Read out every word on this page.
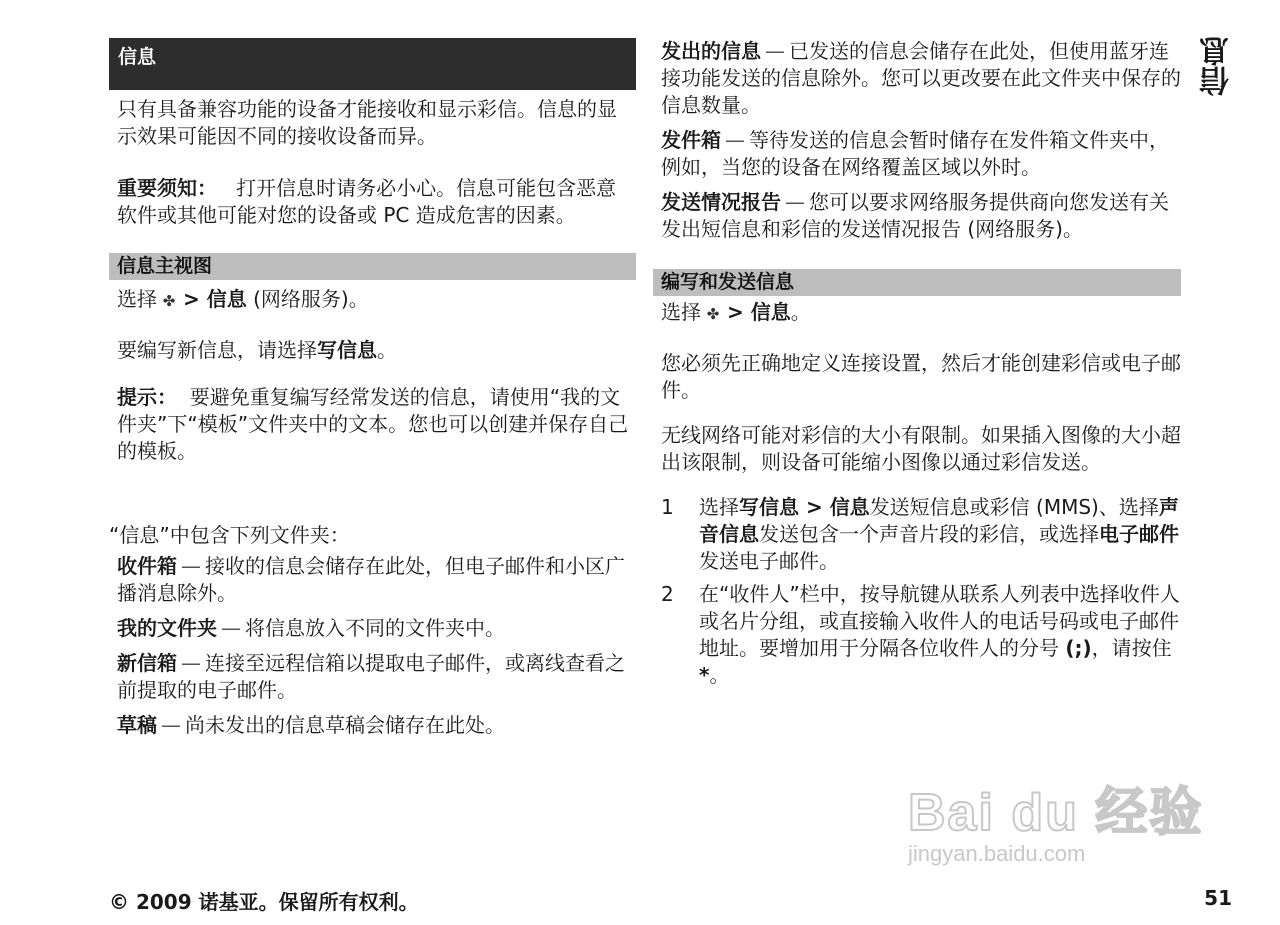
信息

只有具备兼容功能的设备才能接收和显示彩信。信息的显示效果可能因不同的接收设备而异。

重要须知： 打开信息时请务必小心。信息可能包含恶意软件或其他可能对您的设备或 PC 造成危害的因素。

信息主视图

选择 ✤ > 信息 (网络服务)。

要编写新信息，请选择写信息。

提示： 要避免重复编写经常发送的信息，请使用“我的文件夹”下“模板”文件夹中的文本。您也可以创建并保存自己的模板。

“信息”中包含下列文件夹：

收件箱 — 接收的信息会储存在此处，但电子邮件和小区广播消息除外。

我的文件夹 — 将信息放入不同的文件夹中。

新信箱 — 连接至远程信箱以提取电子邮件，或离线查看之前提取的电子邮件。

草稿 — 尚未发出的信息草稿会储存在此处。

发出的信息 — 已发送的信息会储存在此处，但使用蓝牙连接功能发送的信息除外。您可以更改要在此文件夹中保存的信息数量。

发件箱 — 等待发送的信息会暂时储存在发件箱文件夹中，例如，当您的设备在网络覆盖区域以外时。

发送情况报告 — 您可以要求网络服务提供商向您发送有关发出短信息和彩信的发送情况报告 (网络服务)。

编写和发送信息

选择 ✤ > 信息。

您必须先正确地定义连接设置，然后才能创建彩信或电子邮件。

无线网络可能对彩信的大小有限制。如果插入图像的大小超出该限制，则设备可能缩小图像以通过彩信发送。

1	选择写信息 > 信息发送短信息或彩信 (MMS)、选择声音信息发送包含一个声音片段的彩信，或选择电子邮件发送电子邮件。
2	在“收件人”栏中，按导航键从联系人列表中选择收件人或名片分组，或直接输入收件人的电话号码或电子邮件地址。要增加用于分隔各位收件人的分号 (;)，请按住 *。
信息
Bai du 经验
jingyan.baidu.com
© 2009 诺基亚。保留所有权利。	51
